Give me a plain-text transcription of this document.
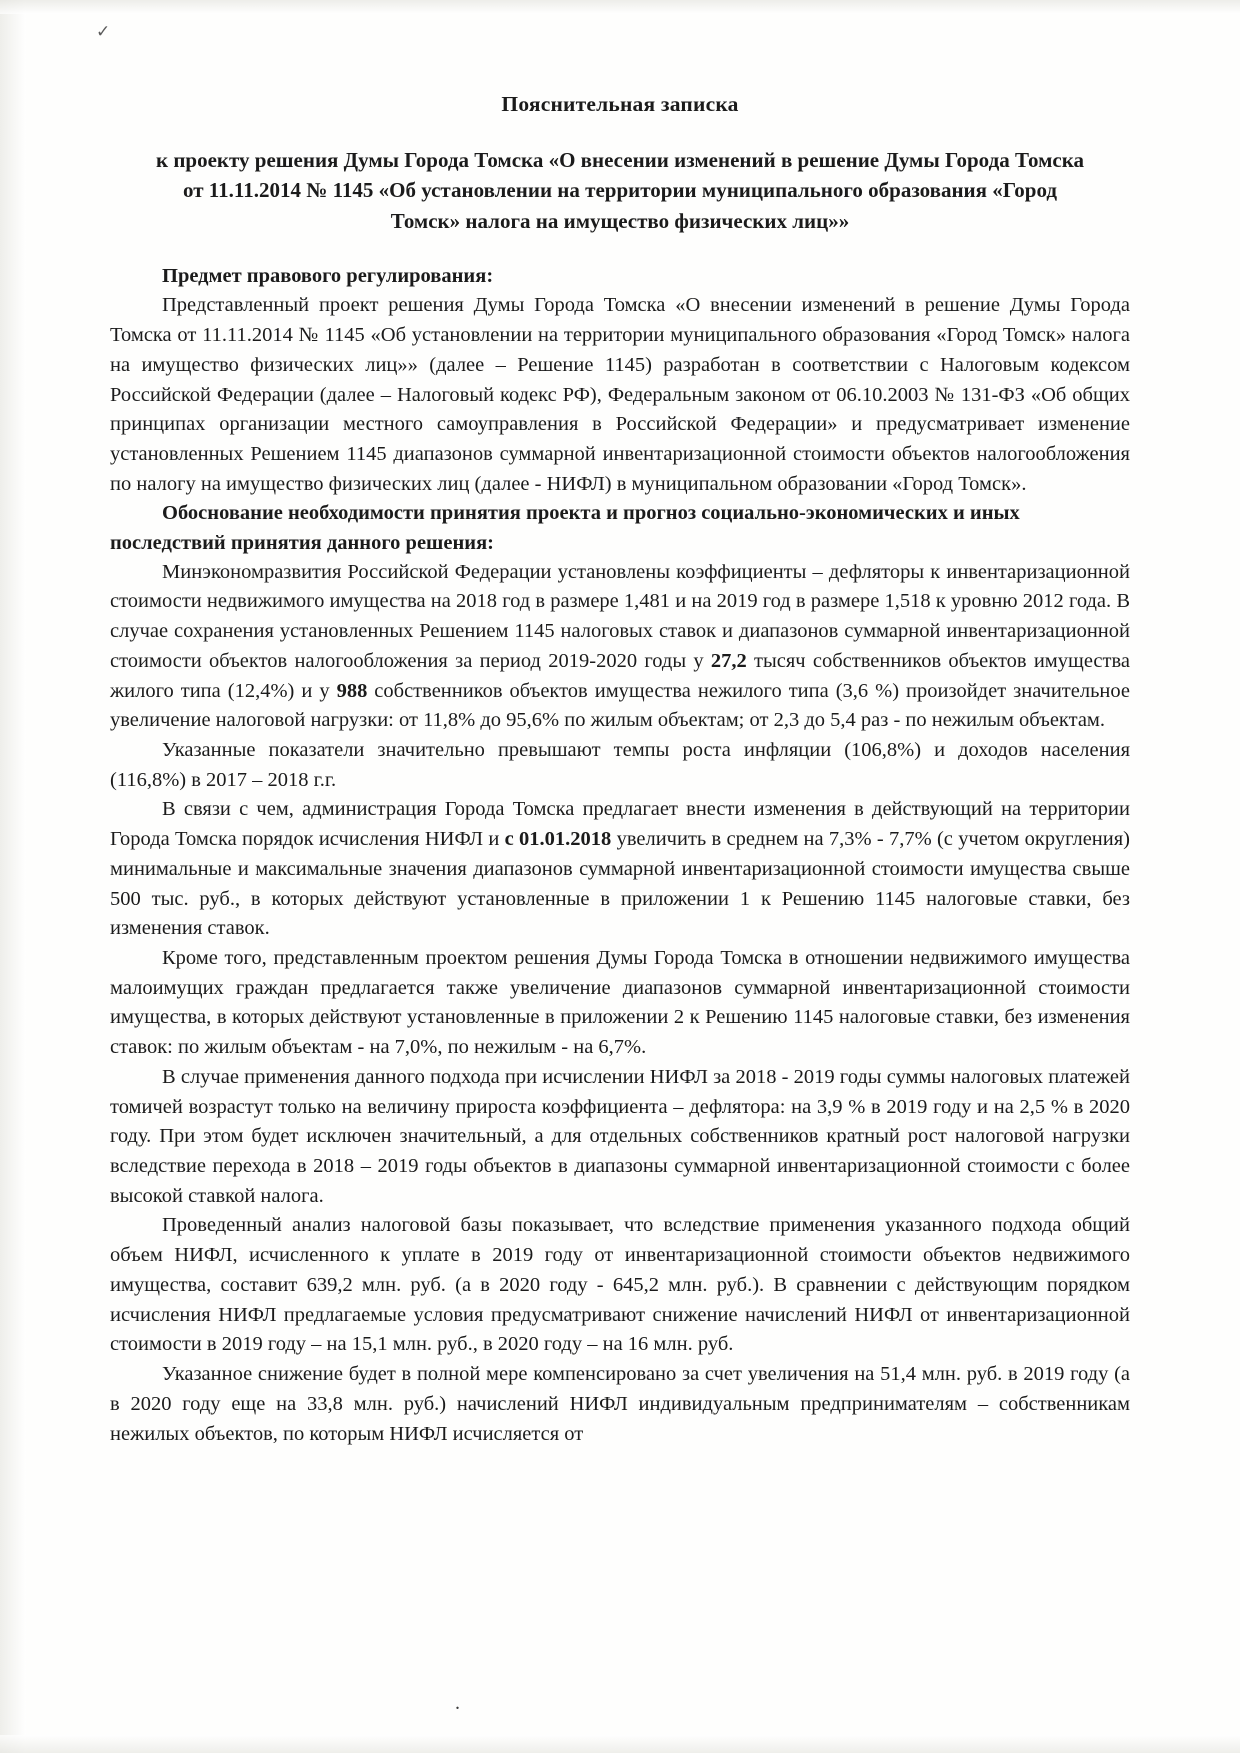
✓
Пояснительная записка
к проекту решения Думы Города Томска «О внесении изменений в решение Думы Города Томска от 11.11.2014 № 1145 «Об установлении на территории муниципального образования «Город Томск» налога на имущество физических лиц»»
Предмет правового регулирования:

Представленный проект решения Думы Города Томска «О внесении изменений в решение Думы Города Томска от 11.11.2014 № 1145 «Об установлении на территории муниципального образования «Город Томск» налога на имущество физических лиц»» (далее – Решение 1145) разработан в соответствии с Налоговым кодексом Российской Федерации (далее – Налоговый кодекс РФ), Федеральным законом от 06.10.2003 № 131-ФЗ «Об общих принципах организации местного самоуправления в Российской Федерации» и предусматривает изменение установленных Решением 1145 диапазонов суммарной инвентаризационной стоимости объектов налогообложения по налогу на имущество физических лиц (далее - НИФЛ) в муниципальном образовании «Город Томск».

Обоснование необходимости принятия проекта и прогноз социально-экономических и иных последствий принятия данного решения:

Минэкономразвития Российской Федерации установлены коэффициенты – дефляторы к инвентаризационной стоимости недвижимого имущества на 2018 год в размере 1,481 и на 2019 год в размере 1,518 к уровню 2012 года. В случае сохранения установленных Решением 1145 налоговых ставок и диапазонов суммарной инвентаризационной стоимости объектов налогообложения за период 2019-2020 годы у 27,2 тысяч собственников объектов имущества жилого типа (12,4%) и у 988 собственников объектов имущества нежилого типа (3,6 %) произойдет значительное увеличение налоговой нагрузки: от 11,8% до 95,6% по жилым объектам; от 2,3 до 5,4 раз - по нежилым объектам.

Указанные показатели значительно превышают темпы роста инфляции (106,8%) и доходов населения (116,8%) в 2017 – 2018 г.г.

В связи с чем, администрация Города Томска предлагает внести изменения в действующий на территории Города Томска порядок исчисления НИФЛ и с 01.01.2018 увеличить в среднем на 7,3% - 7,7% (с учетом округления) минимальные и максимальные значения диапазонов суммарной инвентаризационной стоимости имущества свыше 500 тыс. руб., в которых действуют установленные в приложении 1 к Решению 1145 налоговые ставки, без изменения ставок.

Кроме того, представленным проектом решения Думы Города Томска в отношении недвижимого имущества малоимущих граждан предлагается также увеличение диапазонов суммарной инвентаризационной стоимости имущества, в которых действуют установленные в приложении 2 к Решению 1145 налоговые ставки, без изменения ставок: по жилым объектам - на 7,0%, по нежилым - на 6,7%.

В случае применения данного подхода при исчислении НИФЛ за 2018 - 2019 годы суммы налоговых платежей томичей возрастут только на величину прироста коэффициента – дефлятора: на 3,9 % в 2019 году и на 2,5 % в 2020 году. При этом будет исключен значительный, а для отдельных собственников кратный рост налоговой нагрузки вследствие перехода в 2018 – 2019 годы объектов в диапазоны суммарной инвентаризационной стоимости с более высокой ставкой налога.

Проведенный анализ налоговой базы показывает, что вследствие применения указанного подхода общий объем НИФЛ, исчисленного к уплате в 2019 году от инвентаризационной стоимости объектов недвижимого имущества, составит 639,2 млн. руб. (а в 2020 году - 645,2 млн. руб.). В сравнении с действующим порядком исчисления НИФЛ предлагаемые условия предусматривают снижение начислений НИФЛ от инвентаризационной стоимости в 2019 году – на 15,1 млн. руб., в 2020 году – на 16 млн. руб.

Указанное снижение будет в полной мере компенсировано за счет увеличения на 51,4 млн. руб. в 2019 году (а в 2020 году еще на 33,8 млн. руб.) начислений НИФЛ индивидуальным предпринимателям – собственникам нежилых объектов, по которым НИФЛ исчисляется от

.
